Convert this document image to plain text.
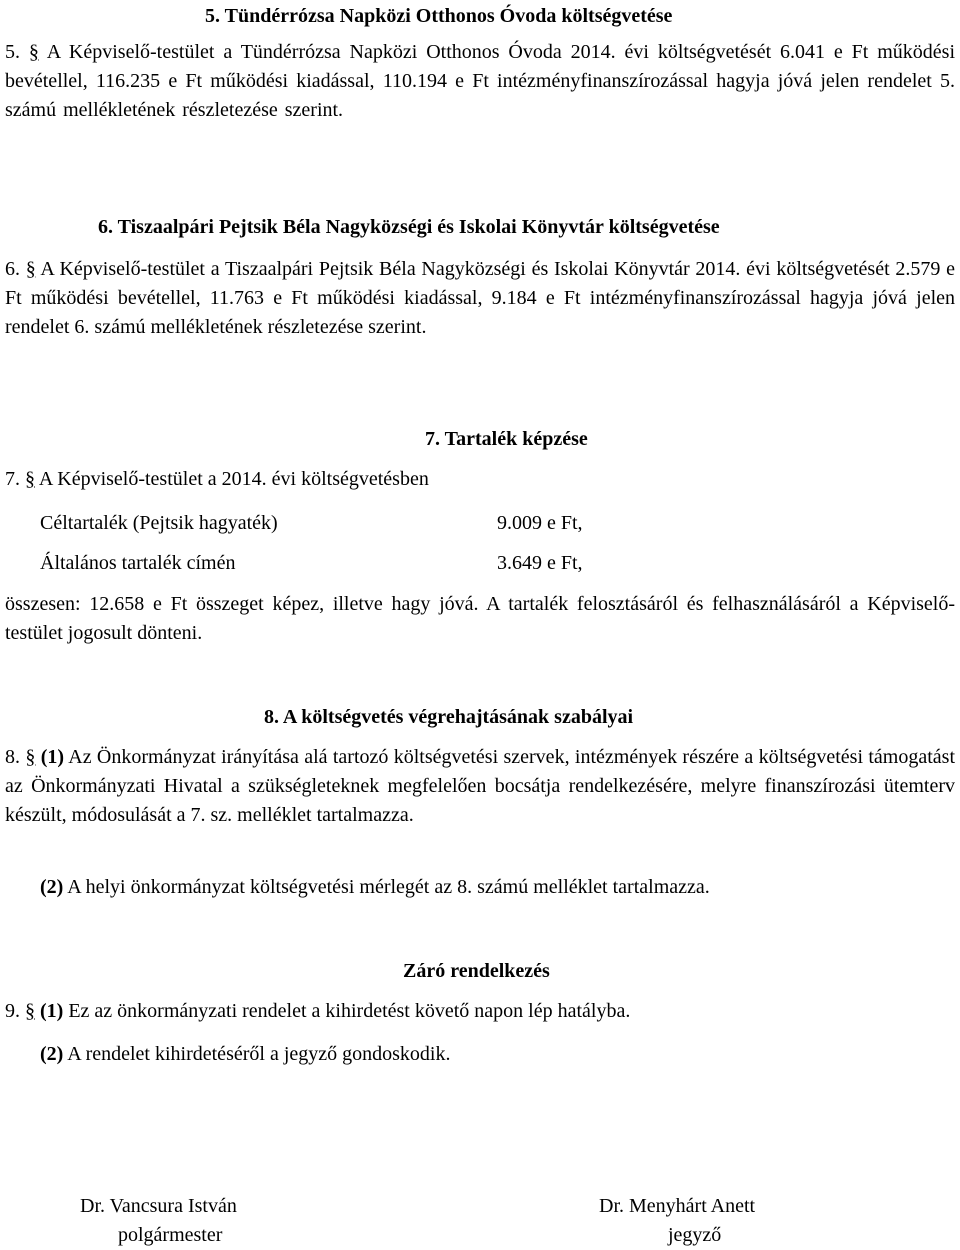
5. Tündérrózsa Napközi Otthonos Óvoda költségvetése
5. § A Képviselő-testület a Tündérrózsa Napközi Otthonos Óvoda 2014. évi költségvetését 6.041 e Ft működési bevétellel, 116.235 e Ft működési kiadással, 110.194 e Ft intézményfinanszírozással hagyja jóvá jelen rendelet 5. számú mellékletének részletezése szerint.
6. Tiszaalpári Pejtsik Béla Nagyközségi és Iskolai Könyvtár költségvetése
6. § A Képviselő-testület a Tiszaalpári Pejtsik Béla Nagyközségi és Iskolai Könyvtár 2014. évi költségvetését 2.579 e Ft működési bevétellel, 11.763 e Ft működési kiadással, 9.184 e Ft intézményfinanszírozással hagyja jóvá jelen rendelet 6. számú mellékletének részletezése szerint.
7. Tartalék képzése
7. § A Képviselő-testület a 2014. évi költségvetésben
Céltartalék (Pejtsik hagyaték)	9.009 e Ft,
Általános tartalék címén	3.649 e Ft,
összesen: 12.658 e Ft összeget képez, illetve hagy jóvá. A tartalék felosztásáról és felhasználásáról a Képviselő-testület jogosult dönteni.
8. A költségvetés végrehajtásának szabályai
8. § (1) Az Önkormányzat irányítása alá tartozó költségvetési szervek, intézmények részére a költségvetési támogatást az Önkormányzati Hivatal a szükségleteknek megfelelően bocsátja rendelkezésére, melyre finanszírozási ütemterv készült, módosulását a 7. sz. melléklet tartalmazza.
(2) A helyi önkormányzat költségvetési mérlegét az 8. számú melléklet tartalmazza.
Záró rendelkezés
9. § (1) Ez az önkormányzati rendelet a kihirdetést követő napon lép hatályba.
(2) A rendelet kihirdetéséről a jegyző gondoskodik.
Dr. Vancsura István
polgármester
Dr. Menyhárt Anett
jegyző
